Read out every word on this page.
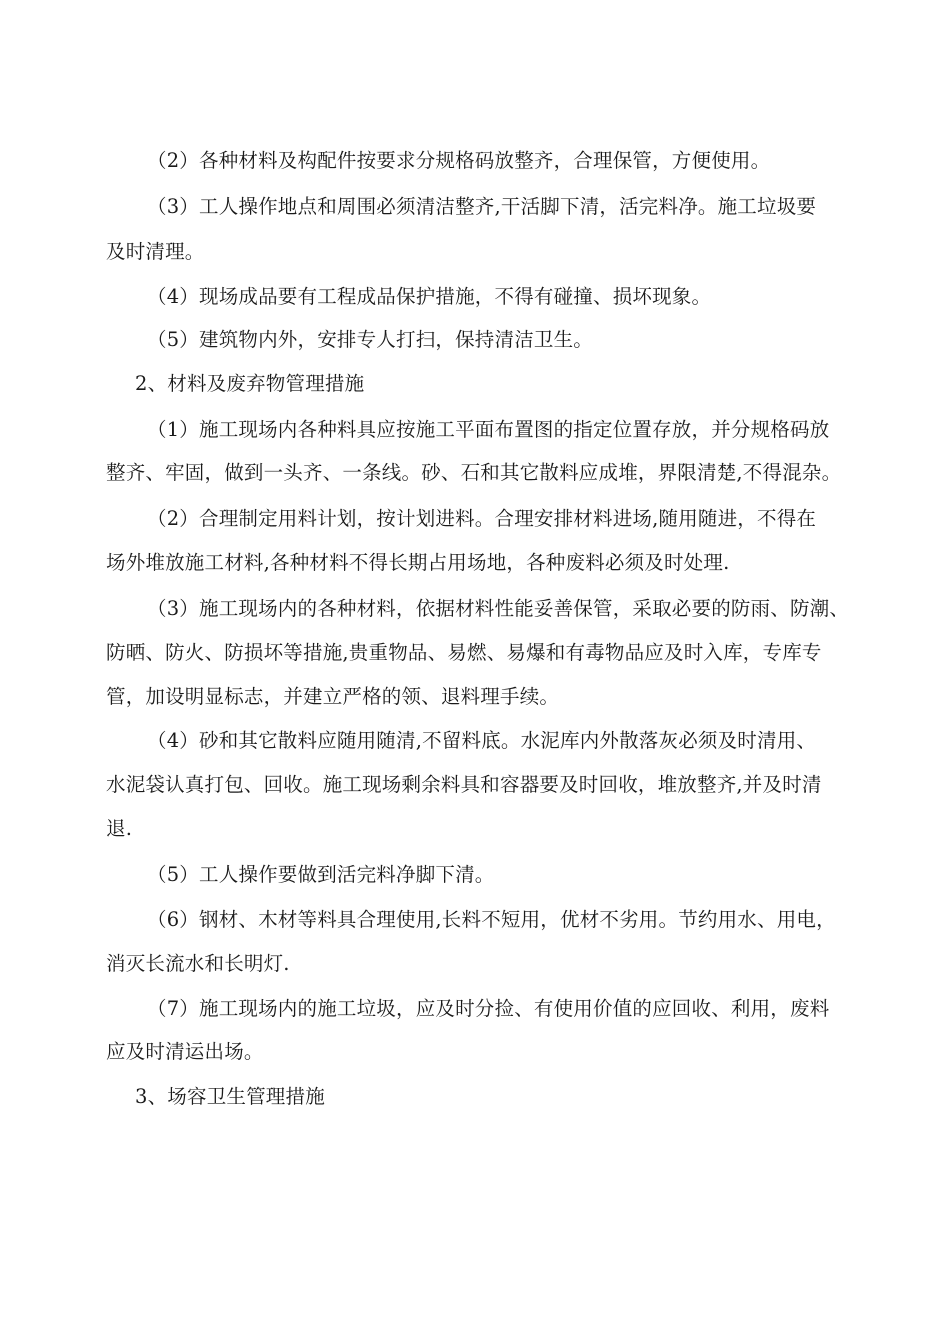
（2）各种材料及构配件按要求分规格码放整齐，合理保管，方便使用。
（3）工人操作地点和周围必须清洁整齐,干活脚下清，活完料净。施工垃圾要
及时清理。
（4）现场成品要有工程成品保护措施，不得有碰撞、损坏现象。
（5）建筑物内外，安排专人打扫，保持清洁卫生。
2、材料及废弃物管理措施
（1）施工现场内各种料具应按施工平面布置图的指定位置存放，并分规格码放
整齐、牢固，做到一头齐、一条线。砂、石和其它散料应成堆，界限清楚,不得混杂。
（2）合理制定用料计划，按计划进料。合理安排材料进场,随用随进，不得在
场外堆放施工材料,各种材料不得长期占用场地，各种废料必须及时处理.
（3）施工现场内的各种材料，依据材料性能妥善保管，采取必要的防雨、防潮、
防晒、防火、防损坏等措施,贵重物品、易燃、易爆和有毒物品应及时入库，专库专
管，加设明显标志，并建立严格的领、退料理手续。
（4）砂和其它散料应随用随清,不留料底。水泥库内外散落灰必须及时清用、
水泥袋认真打包、回收。施工现场剩余料具和容器要及时回收，堆放整齐,并及时清
退.
（5）工人操作要做到活完料净脚下清。
（6）钢材、木材等料具合理使用,长料不短用，优材不劣用。节约用水、用电，
消灭长流水和长明灯.
（7）施工现场内的施工垃圾，应及时分捡、有使用价值的应回收、利用，废料
应及时清运出场。
3、场容卫生管理措施
